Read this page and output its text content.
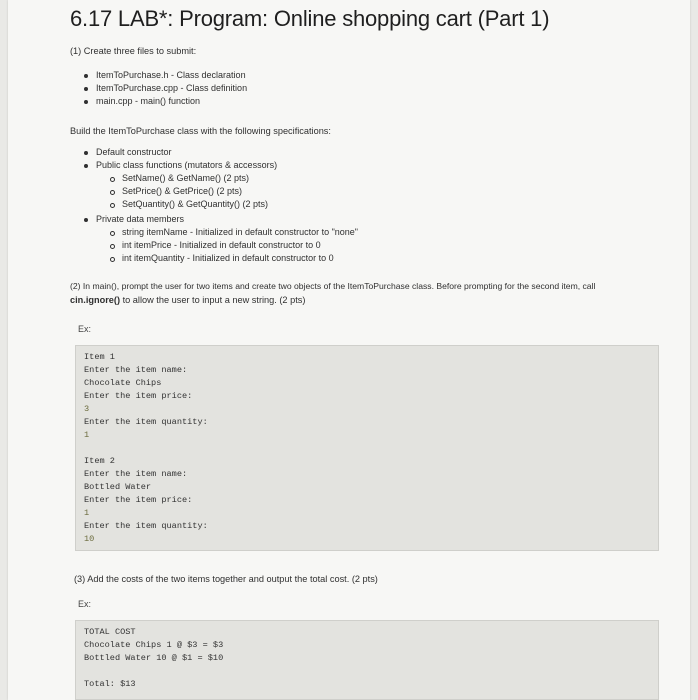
6.17 LAB*: Program: Online shopping cart (Part 1)
(1) Create three files to submit:
ItemToPurchase.h - Class declaration
ItemToPurchase.cpp - Class definition
main.cpp - main() function
Build the ItemToPurchase class with the following specifications:
Default constructor
Public class functions (mutators & accessors)
SetName() & GetName() (2 pts)
SetPrice() & GetPrice() (2 pts)
SetQuantity() & GetQuantity() (2 pts)
Private data members
string itemName - Initialized in default constructor to "none"
int itemPrice - Initialized in default constructor to 0
int itemQuantity - Initialized in default constructor to 0
(2) In main(), prompt the user for two items and create two objects of the ItemToPurchase class. Before prompting for the second item, call
cin.ignore() to allow the user to input a new string. (2 pts)
Ex:
Item 1
Enter the item name:
Chocolate Chips
Enter the item price:
3
Enter the item quantity:
1
Item 2
Enter the item name:
Bottled Water
Enter the item price:
1
Enter the item quantity:
10
(3) Add the costs of the two items together and output the total cost. (2 pts)
Ex:
TOTAL COST
Chocolate Chips 1 @ $3 = $3
Bottled Water 10 @ $1 = $10
Total: $13
